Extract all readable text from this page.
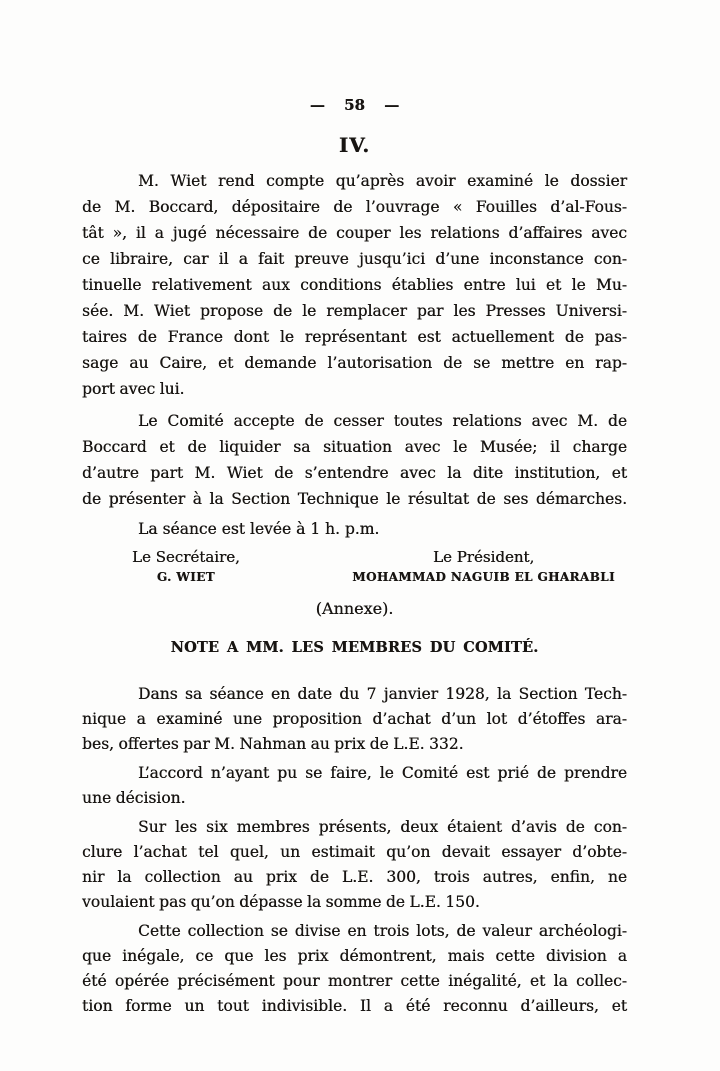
— 58 —
IV.
M. Wiet rend compte qu’après avoir examiné le dossier
de M. Boccard, dépositaire de l’ouvrage « Fouilles d’al-Fous-
tât », il a jugé nécessaire de couper les relations d’affaires avec
ce libraire, car il a fait preuve jusqu’ici d’une inconstance con-
tinuelle relativement aux conditions établies entre lui et le Mu-
sée. M. Wiet propose de le remplacer par les Presses Universi-
taires de France dont le représentant est actuellement de pas-
sage au Caire, et demande l’autorisation de se mettre en rap-
port avec lui.
Le Comité accepte de cesser toutes relations avec M. de
Boccard et de liquider sa situation avec le Musée; il charge
d’autre part M. Wiet de s’entendre avec la dite institution, et
de présenter à la Section Technique le résultat de ses démarches.
La séance est levée à 1 h. p.m.
Le Secrétaire,
G. WIET
Le Président,
MOHAMMAD NAGUIB EL GHARABLI
(Annexe).
NOTE A MM. LES MEMBRES DU COMITÉ.
Dans sa séance en date du 7 janvier 1928, la Section Tech-
nique a examiné une proposition d’achat d’un lot d’étoffes ara-
bes, offertes par M. Nahman au prix de L.E. 332.
L’accord n’ayant pu se faire, le Comité est prié de prendre
une décision.
Sur les six membres présents, deux étaient d’avis de con-
clure l’achat tel quel, un estimait qu’on devait essayer d’obte-
nir la collection au prix de L.E. 300, trois autres, enfin, ne
voulaient pas qu’on dépasse la somme de L.E. 150.
Cette collection se divise en trois lots, de valeur archéologi-
que inégale, ce que les prix démontrent, mais cette division a
été opérée précisément pour montrer cette inégalité, et la collec-
tion forme un tout indivisible. Il a été reconnu d’ailleurs, et
